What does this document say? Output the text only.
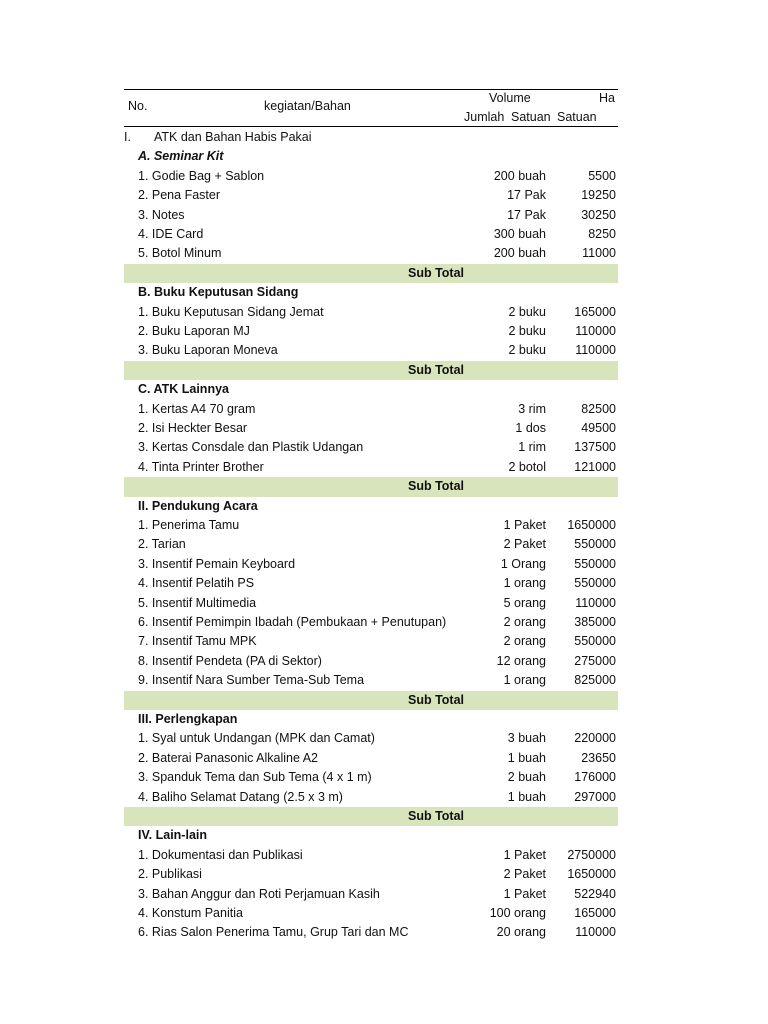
No.	kegiatan/Bahan
Volume	Ha
Jumlah Satuan Satuan
I. ATK dan Bahan Habis Pakai
A. Seminar Kit
1. Godie Bag + Sablon	200 buah	5500
2. Pena Faster	17 Pak	19250
3. Notes	17 Pak	30250
4. IDE Card	300 buah	8250
5. Botol Minum	200 buah	11000
Sub Total
B. Buku Keputusan Sidang
1. Buku Keputusan Sidang Jemat	2 buku	165000
2. Buku Laporan MJ	2 buku	110000
3. Buku Laporan Moneva	2 buku	110000
Sub Total
C. ATK Lainnya
1. Kertas A4 70 gram	3 rim	82500
2. Isi Heckter Besar	1 dos	49500
3. Kertas Consdale dan Plastik Udangan	1 rim	137500
4. Tinta Printer Brother	2 botol	121000
Sub Total
II. Pendukung Acara
1. Penerima Tamu	1 Paket	1650000
2. Tarian	2 Paket	550000
3. Insentif Pemain Keyboard	1 Orang	550000
4. Insentif Pelatih PS	1 orang	550000
5. Insentif Multimedia	5 orang	110000
6. Insentif Pemimpin Ibadah (Pembukaan + Penutupan)	2 orang	385000
7. Insentif Tamu MPK	2 orang	550000
8. Insentif Pendeta (PA di Sektor)	12 orang	275000
9. Insentif Nara Sumber Tema-Sub Tema	1 orang	825000
Sub Total
III. Perlengkapan
1. Syal untuk Undangan (MPK dan Camat)	3 buah	220000
2. Baterai Panasonic Alkaline A2	1 buah	23650
3. Spanduk Tema dan Sub Tema (4 x 1 m)	2 buah	176000
4. Baliho Selamat Datang (2.5 x 3 m)	1 buah	297000
Sub Total
IV. Lain-lain
1. Dokumentasi dan Publikasi	1 Paket	2750000
2. Publikasi	2 Paket	1650000
3. Bahan Anggur dan Roti Perjamuan Kasih	1 Paket	522940
4. Konstum Panitia	100 orang	165000
6. Rias Salon Penerima Tamu, Grup Tari dan MC	20 orang	110000
